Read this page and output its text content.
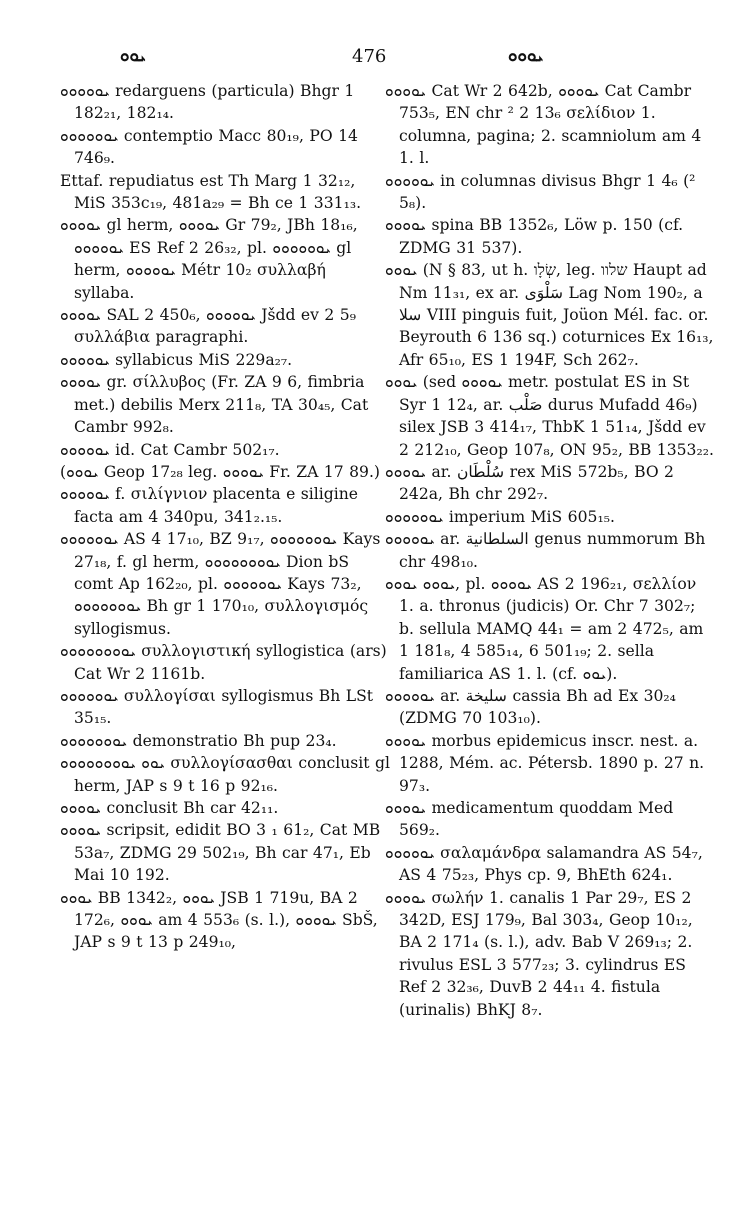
ܝܘܘ	476	ܝܘܘܘ

ܝܘܘܘܘܘ redarguens (particula) Bhgr 1 182₂₁, 182₁₄.

ܝܘܘܘܘܘܘ contemptio Macc 80₁₉, PO 14 746₉.

Ettaf. repudiatus est Th Marg 1 32₁₂, MiS 353c₁₉, 481a₂₉ = Bh ce 1 331₁₃.

ܝܘܘܘܘ gl herm, ܝܘܘܘܘ Gr 79₂, JBh 18₁₆, ܝܘܘܘܘܘ ES Ref 2 26₃₂, pl. ܝܘܘܘܘܘܘ gl herm, ܝܘܘܘܘܘ Métr 10₂ συλλαβή syllaba.

ܝܘܘܘܘ SAL 2 450₆, ܝܘܘܘܘܘ Jšdd ev 2 5₉ συλλάβια paragraphi.

ܝܘܘܘܘܘ syllabicus MiS 229a₂₇.

ܝܘܘܘܘ gr. σίλλυβος (Fr. ZA 9 6, fimbria met.) debilis Merx 211₈, TA 30₄₅, Cat Cambr 992₈.

ܝܘܘܘܘܘ id. Cat Cambr 502₁₇.

(ܝܘܘܘ Geop 17₂₈ leg. ܝܘܘܘܘ Fr. ZA 17 89.)

ܝܘܘܘܘܘ f. σιλίγνιον placenta e siligine facta am 4 340pu, 341₂.₁₅.

ܝܘܘܘܘܘܘ AS 4 17₁₀, BZ 9₁₇, ܝܘܘܘܘܘܘܘ Kays 27₁₈, f. gl herm, ܝܘܘܘܘܘܘܘܘ Dion bS comt Ap 162₂₀, pl. ܝܘܘܘܘܘܘ Kays 73₂, ܝܘܘܘܘܘܘܘ Bh gr 1 170₁₀, συλλογισμός syllogismus.

ܝܘܘܘܘܘܘܘܘ συλλογιστική syllogistica (ars) Cat Wr 2 1161b.

ܝܘܘܘܘܘܘ συλλογίσαι syllogismus Bh LSt 35₁₅.

ܝܘܘܘܘܘܘܘ demonstratio Bh pup 23₄.

ܝܘܘ ܝܘܘܘܘܘܘܘܘ συλλογίσασθαι conclusit gl herm, JAP s 9 t 16 p 92₁₆.

ܝܘܘܘܘ conclusit Bh car 42₁₁.

ܝܘܘܘܘ scripsit, edidit BO 3 ₁ 61₂, Cat MB 53a₇, ZDMG 29 502₁₉, Bh car 47₁, Eb Mai 10 192.

ܝܘܘܘ BB 1342₂, ܝܘܘܘ JSB 1 719u, BA 2 172₆, ܝܘܘܘ am 4 553₆ (s. l.), ܝܘܘܘܘ SbŠ, JAP s 9 t 13 p 249₁₀,

ܝܘܘܘܘ Cat Wr 2 642b, ܝܘܘܘܘ Cat Cambr 753₅, EN chr ² 2 13₆ σελίδιον 1. columna, pagina; 2. scamniolum am 4 1. l.

ܝܘܘܘܘܘ in columnas divisus Bhgr 1 4₆ (² 5₈).

ܝܘܘܘܘ spina BB 1352₆, Löw p. 150 (cf. ZDMG 31 537).

ܝܘܘܘ (N § 83, ut h. שְׂלָו, leg. שלוו Haupt ad Nm 11₃₁, ex ar. سَلْوَى Lag Nom 190₂, a سلا VIII pinguis fuit, Joüon Mél. fac. or. Beyrouth 6 136 sq.) coturnices Ex 16₁₃, Afr 65₁₀, ES 1 194F, Sch 262₇.

ܝܘܘܘ (sed ܝܘܘܘܘ metr. postulat ES in St Syr 1 12₄, ar. صَلْب durus Mufadd 46₉) silex JSB 3 414₁₇, ThbK 1 51₁₄, Jšdd ev 2 212₁₀, Geop 107₈, ON 95₂, BB 1353₂₂.

ܝܘܘܘܘ ar. سُلْطَان rex MiS 572b₅, BO 2 242a, Bh chr 292₇.

ܝܘܘܘܘܘܘ imperium MiS 605₁₅.

ܝܘܘܘܘܘ ar. السلطانية genus nummorum Bh chr 498₁₀.

ܝܘܘܘ ܝܘܘܘ, pl. ܝܘܘܘܘ AS 2 196₂₁, σελλίον 1. a. thronus (judicis) Or. Chr 7 302₇; b. sellula MAMQ 44₁ = am 2 472₅, am 1 181₈, 4 585₁₄, 6 501₁₉; 2. sella familiarica AS 1. l. (cf. ܝܘܘ).

ܝܘܘܘܘܘ ar. سليخة cassia Bh ad Ex 30₂₄ (ZDMG 70 103₁₀).

ܝܘܘܘܘ morbus epidemicus inscr. nest. a. 1288, Mém. ac. Pétersb. 1890 p. 27 n. 97₃.

ܝܘܘܘܘ medicamentum quoddam Med 569₂.

ܝܘܘܘܘܘ σαλαμάνδρα salamandra AS 54₇, AS 4 75₂₃, Phys cp. 9, BhEth 624₁.

ܝܘܘܘܘ σωλήν 1. canalis 1 Par 29₇, ES 2 342D, ESJ 179₉, Bal 303₄, Geop 10₁₂, BA 2 171₄ (s. l.), adv. Bab V 269₁₃; 2. rivulus ESL 3 577₂₃; 3. cylindrus ES Ref 2 32₃₆, DuvB 2 44₁₁ 4. fistula (urinalis) BhKJ 8₇.
